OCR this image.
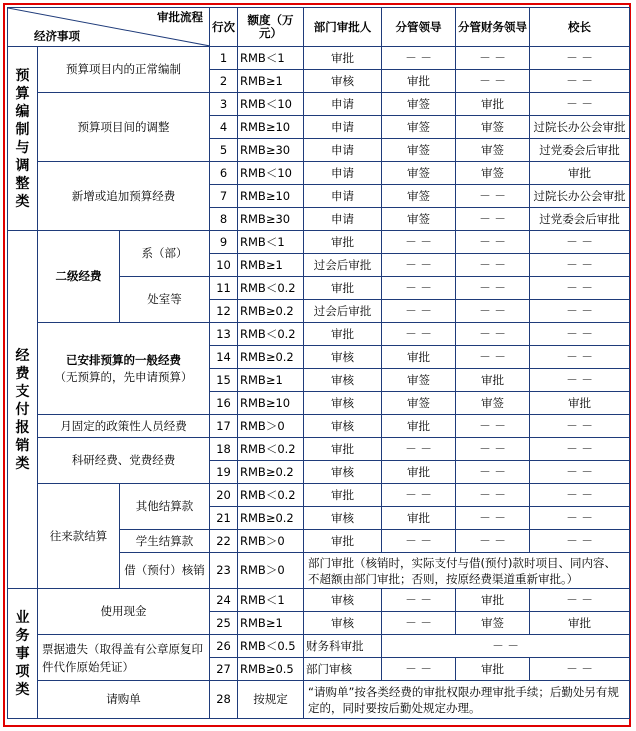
审批流程
经济事项			行次	额度（万元）	部门审批人	分管领导	分管财务领导	校长
预算编制与调整类	预算项目内的正常编制		1	RMB＜1	审批	－ －	－ －	－ －
			2	RMB≥1	审核	审批	－ －	－ －
	预算项目间的调整		3	RMB＜10	申请	审签	审批	－ －
			4	RMB≥10	申请	审签	审签	过院长办公会审批
			5	RMB≥30	申请	审签	审签	过党委会后审批
	新增或追加预算经费		6	RMB＜10	申请	审签	审签	审批
			7	RMB≥10	申请	审签	－ －	过院长办公会审批
			8	RMB≥30	申请	审签	－ －	过党委会后审批
经费支付报销类	二级经费	系（部）	9	RMB＜1	审批	－ －	－ －	－ －
			10	RMB≥1	过会后审批	－ －	－ －	－ －
		处室等	11	RMB＜0.2	审批	－ －	－ －	－ －
			12	RMB≥0.2	过会后审批	－ －	－ －	－ －

	已安排预算的一般经费
（无预算的，先申请预算）		13	RMB＜0.2	审批	－ －	－ －	－ －
			14	RMB≥0.2	审核	审批	－ －	－ －
			15	RMB≥1	审核	审签	审批	－ －
			16	RMB≥10	审核	审签	审签	审批
	月固定的政策性人员经费		17	RMB＞0	审核	审批	－ －	－ －
	科研经费、党费经费		18	RMB＜0.2	审批	－ －	－ －	－ －
			19	RMB≥0.2	审核	审批	－ －	－ －
	往来款结算	其他结算款	20	RMB＜0.2	审批	－ －	－ －	－ －
			21	RMB≥0.2	审核	审批	－ －	－ －
		学生结算款	22	RMB＞0	审批	－ －	－ －	－ －
		借（预付）核销	23	RMB＞0	部门审批（核销时，实际支付与借(预付)款时项目、同内容、不超额由部门审批；否则，按原经费渠道重新审批。）			
业务事项类	使用现金		24	RMB＜1	审核	－ －	审批	－ －
			25	RMB≥1	审核	－ －	审签	审批
	票据遗失（取得盖有公章原复印件代作原始凭证）		26	RMB＜0.5	财务科审批	－ －		
			27	RMB≥0.5	部门审核	－ －	审批	－ －
	请购单		28	按规定	“请购单”按各类经费的审批权限办理审批手续；后勤处另有规定的，同时要按后勤处规定办理。			
